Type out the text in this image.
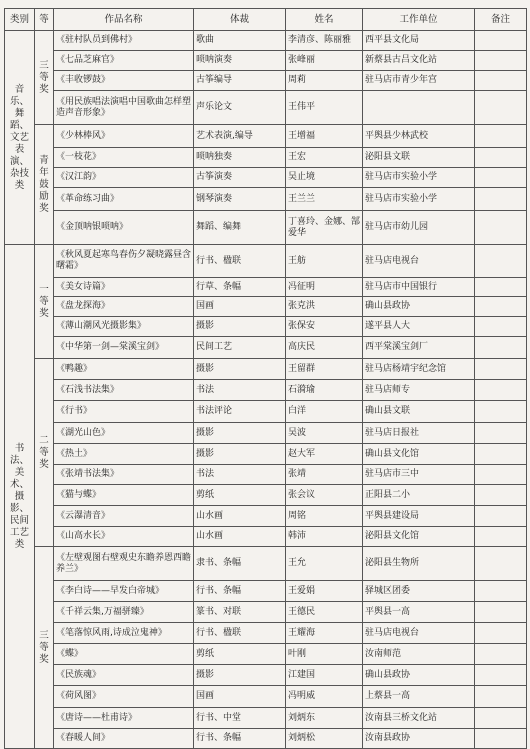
类别	等	作品名称	体裁	姓名	工作单位	备注
音乐、舞蹈、文艺表演、杂技类	三等奖	《驻村队员到佛村》	歌曲	李清彦、陈丽雅	西平县文化局	
		《七品芝麻官》	唢呐演奏	张峰丽	新蔡县古吕文化站	
		《丰收锣鼓》	古筝编导	周莉	驻马店市青少年宫	
		《用民族唱法演唱中国歌曲怎样塑造声音形象》	声乐论文	王伟平		
	青年鼓励奖	《少林棒风》	艺术表演,编导	王增福	平舆县少林武校	
		《一枝花》	唢呐独奏	王宏	泌阳县文联	
		《汉江韵》	古筝演奏	吴止境	驻马店市实验小学	
		《革命练习曲》	钢琴演奏	王兰兰	驻马店市实验小学	
		《金顶呐银唢呐》	舞蹈、编舞	丁喜玲、金娜、郜爱华	驻马店市幼儿园	
书法、美术、摄影、民间工艺类	一等奖	《秋风夏起寒鸟春伤夕凝晓露昼含曙霜》	行书、楹联	王舫	驻马店电视台	
		《美女诗篇》	行草、条幅	冯征明	驻马店市中国银行	
		《盘龙探海》	国画	张克洪	确山县政协	
		《薄山潮风光摄影集》	摄影	张保安	遂平县人大	
		《中华第一剑—棠溪宝剑》	民间工艺	高庆民	西平棠溪宝剑厂	
	二等奖	《鸭趣》	摄影	王留群	驻马店杨靖宇纪念馆	
		《石浅书法集》	书法	石漪瑜	驻马店师专	
		《行书》	书法评论	白洋	确山县文联	
		《湖光山色》	摄影	吴波	驻马店日报社	
		《热土》	摄影	赵大军	确山县文化馆	
		《张靖书法集》	书法	张靖	驻马店市三中	
		《猫与蝶》	剪纸	张会议	正阳县二小	
		《云瀑清音》	山水画	周铭	平舆县建设局	
		《山高水长》	山水画	韩沛	泌阳县文化馆	
	三等奖	《左壁观图右壁观史东瞻养恩西瞻养兰》	隶书、条幅	王允	泌阳县生物所	
		《李白诗——早发白帝城》	行书、条幅	王爱娟	驿城区团委	
		《千祥云集,万福骈臻》	篆书、对联	王德民	平舆县一高	
		《笔落惊风雨,诗成泣鬼神》	行书、楹联	王耀海	驻马店电视台	
		《蝶》	剪纸	叶刚	汝南师范	
		《民族魂》	摄影	江建国	确山县政协	
		《荷风图》	国画	冯明威	上蔡县一高	
		《唐诗——杜甫诗》	行书、中堂	刘炳东	汝南县三桥文化站	
		《春暖人间》	行书、条幅	刘炳松	汝南县政协	
